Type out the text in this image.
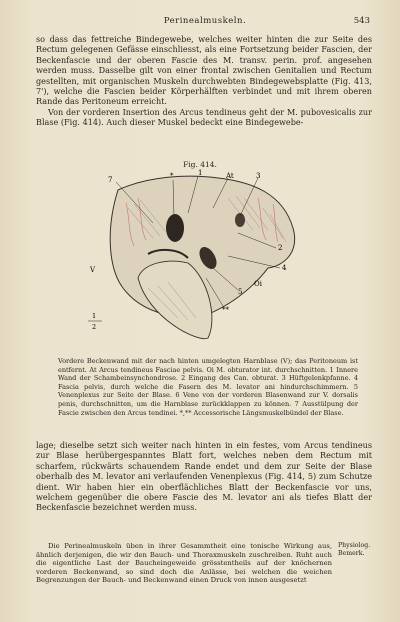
Perinealmuskeln.	543

so dass das fettreiche Bindegewebe, welches weiter hinten die zur Seite des Rectum gelegenen Gefässe einschliesst, als eine Fortsetzung beider Fascien, der Beckenfascie und der oberen Fascie des M. transv. perin. prof. angesehen werden muss. Dasselbe gilt von einer frontal zwischen Genitalien und Rectum gestellten, mit organischen Muskeln durchwebten Bindegewebsplatte (Fig. 413, 7'), welche die Fascien beider Körperhälften verbindet und mit ihrem oberen Rande das Peritoneum erreicht.

Von der vorderen Insertion des Arcus tendineus geht der M. pubovesicalis zur Blase (Fig. 414). Auch dieser Muskel bedeckt eine Bindegewebe-

Fig. 414.
*	1	At
7	3
2
4
Oi
5
**
V
1
2

Vordere Beckenwand mit der nach hinten umgelegten Harnblase (V); das Peritoneum ist entfernt. At Arcus tendineus Fasciae pelvis. Oi M. obturator int. durchschnitten. 1 Innere Wand der Schambeinsynchondrose. 2 Eingang des Can. obturat. 3 Hüftgelenkpfanne. 4 Fascia pelvis, durch welche die Fasern des M. levator ani hindurchschimmern. 5 Venenplexus zur Seite der Blase. 6 Vene von der vorderen Blasenwand zur V. dorsalis penis, durchschnitten, um die Harnblase zurückklappen zu können. 7 Ausstülpung der Fascie zwischen den Arcus tendinei. *,** Accessorische Längsmuskelbündel der Blase.

lage; dieselbe setzt sich weiter nach hinten in ein festes, vom Arcus tendineus zur Blase herübergespanntes Blatt fort, welches neben dem Rectum mit scharfem, rückwärts schauendem Rande endet und dem zur Seite der Blase oberhalb des M. levator ani verlaufenden Venenplexus (Fig. 414, 5) zum Schutze dient. Wir haben hier ein oberflächliches Blatt der Beckenfascie vor uns, welchem gegenüber die obere Fascie des M. levator ani als tiefes Blatt der Beckenfascie bezeichnet werden muss.

Die Perinealmuskeln üben in ihrer Gesammtheit eine tonische Wirkung aus, ähnlich derjenigen, die wir den Bauch- und Thoraxmuskeln zuschreiben. Ruht auch die eigentliche Last der Baucheingeweide grösstentheils auf der knöchernen vorderen Beckenwand, so sind doch die Anlässe, bei welchen die weichen Begrenzungen der Bauch- und Beckenwand einen Druck von innen ausgesetzt

Physiolog. Bemerk.
